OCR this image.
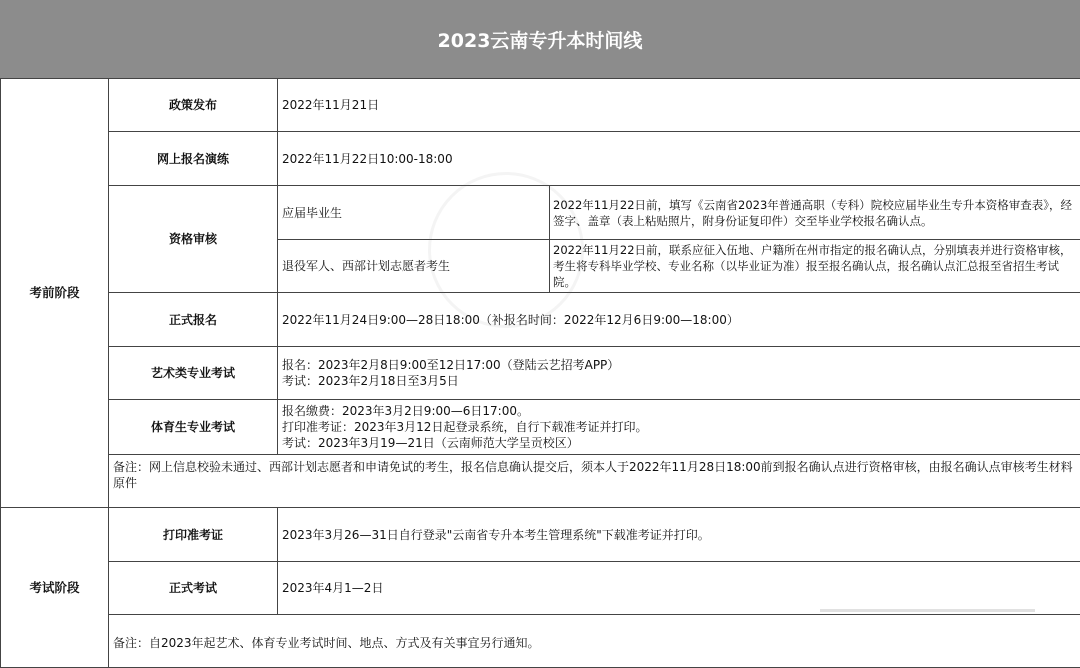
2023云南专升本时间线
考前阶段	政策发布	2022年11月21日	
	网上报名演练	2022年11月22日10:00-18:00	
	资格审核	应届毕业生	2022年11月22日前，填写《云南省2023年普通高职（专科）院校应届毕业生专升本资格审查表》，经签字、盖章（表上粘贴照片，附身份证复印件）交至毕业学校报名确认点。
		退役军人、西部计划志愿者考生	2022年11月22日前，联系应征入伍地、户籍所在州市指定的报名确认点，分别填表并进行资格审核，考生将专科毕业学校、专业名称（以毕业证为准）报至报名确认点，报名确认点汇总报至省招生考试院。
	正式报名	2022年11月24日9:00—28日18:00（补报名时间：2022年12月6日9:00—18:00）	
	艺术类专业考试	报名：2023年2月8日9:00至12日17:00（登陆云艺招考APP）
考试：2023年2月18日至3月5日	

	体育生专业考试	报名缴费：2023年3月2日9:00—6日17:00。
打印准考证：2023年3月12日起登录系统，自行下载准考证并打印。
考试：2023年3月19—21日（云南师范大学呈贡校区）	

	备注：网上信息校验未通过、西部计划志愿者和申请免试的考生，报名信息确认提交后，须本人于2022年11月28日18:00前到报名确认点进行资格审核，由报名确认点审核考生材料原件		
考试阶段	打印准考证	2023年3月26—31日自行登录"云南省专升本考生管理系统"下载准考证并打印。	
	正式考试	2023年4月1—2日	
	备注：自2023年起艺术、体育专业考试时间、地点、方式及有关事宜另行通知。		
